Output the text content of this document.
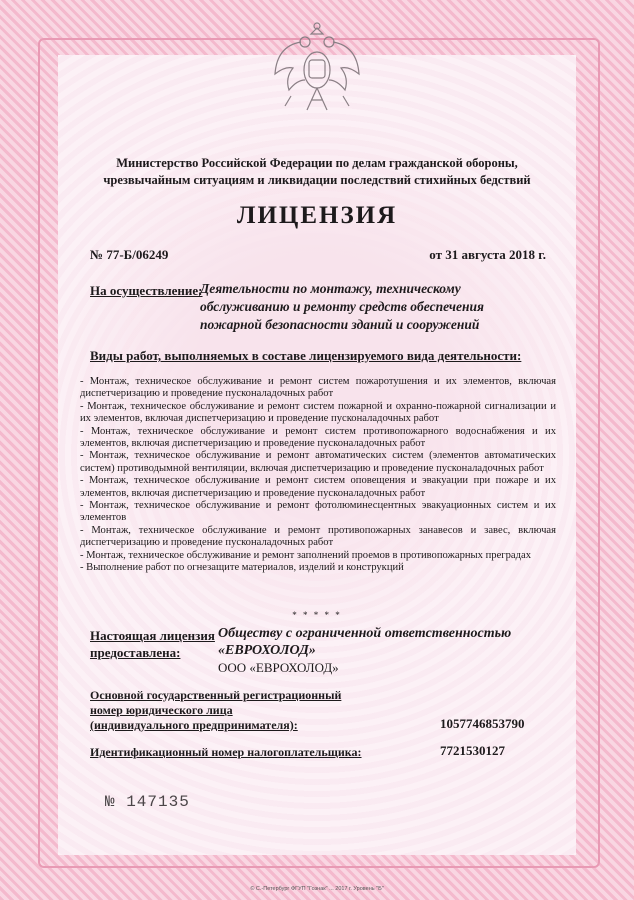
Министерство Российской Федерации по делам гражданской обороны,
чрезвычайным ситуациям и ликвидации последствий стихийных бедствий
ЛИЦЕНЗИЯ
№ 77-Б/06249	от 31 августа 2018 г.
На осуществление:
Деятельности по монтажу, техническому обслуживанию и ремонту средств обеспечения пожарной безопасности зданий и сооружений
Виды работ, выполняемых в составе лицензируемого вида деятельности:
- Монтаж, техническое обслуживание и ремонт систем пожаротушения и их элементов, включая диспетчеризацию и проведение пусконаладочных работ
- Монтаж, техническое обслуживание и ремонт систем пожарной и охранно-пожарной сигнализации и их элементов, включая диспетчеризацию и проведение пусконаладочных работ
- Монтаж, техническое обслуживание и ремонт систем противопожарного водоснабжения и их элементов, включая диспетчеризацию и проведение пусконаладочных работ
- Монтаж, техническое обслуживание и ремонт автоматических систем (элементов автоматических систем) противодымной вентиляции, включая диспетчеризацию и проведение пусконаладочных работ
- Монтаж, техническое обслуживание и ремонт систем оповещения и эвакуации при пожаре и их элементов, включая диспетчеризацию и проведение пусконаладочных работ
- Монтаж, техническое обслуживание и ремонт фотолюминесцентных эвакуационных систем и их элементов
- Монтаж, техническое обслуживание и ремонт противопожарных занавесов и завес, включая диспетчеризацию и проведение пусконаладочных работ
- Монтаж, техническое обслуживание и ремонт заполнений проемов в противопожарных преградах
- Выполнение работ по огнезащите материалов, изделий и конструкций
* * * * *
Настоящая лицензия
предоставлена:
Обществу с ограниченной ответственностью
«ЕВРОХОЛОД»
ООО «ЕВРОХОЛОД»
Основной государственный регистрационный
номер юридического лица
(индивидуального предпринимателя):	1057746853790
Идентификационный номер налогоплательщика:	7721530127
№ 147135
© С.-Петербург ФГУП "Гознак" ... 2017 г. Уровень "Б"
